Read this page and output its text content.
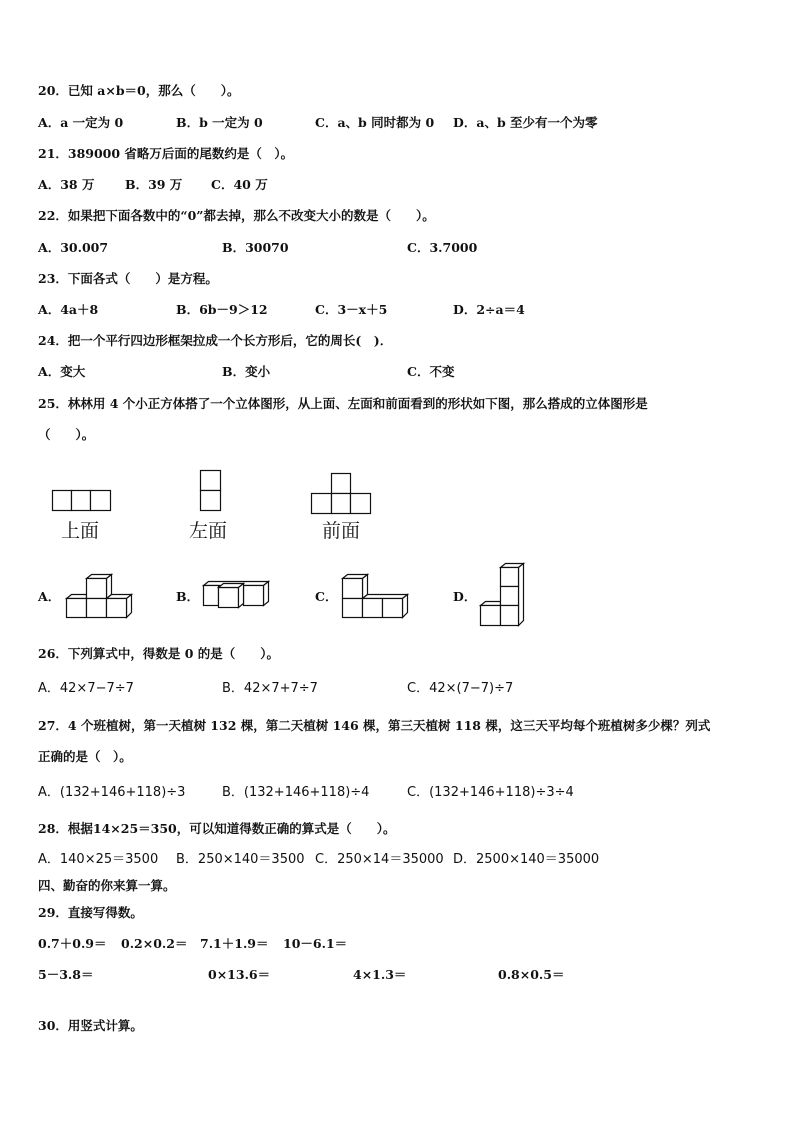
20．已知 a×b＝0，那么（　　）。
A．a 一定为 0	B．b 一定为 0	C．a、b 同时都为 0 D．a、b 至少有一个为零
21．389000 省略万后面的尾数约是（　）。
A．38 万 B．39 万 C．40 万
22．如果把下面各数中的“0”都去掉，那么不改变大小的数是（　　）。
A．30.007	B．30070	C．3.7000
23．下面各式（　　）是方程。
A．4a＋8	B．6b－9＞12	C．3－x＋5	D．2÷a＝4
24．把一个平行四边形框架拉成一个长方形后，它的周长(　)．
A．变大	B．变小	C．不变
25．林林用 4 个小正方体搭了一个立体图形，从上面、左面和前面看到的形状如下图，那么搭成的立体图形是
（　　）。
上面	左面	前面
A．	B．	C．	D．
26．下列算式中，得数是 0 的是（　　）。
A．42×7−7÷7	B．42×7+7÷7	C．42×(7−7)÷7
27．4 个班植树，第一天植树 132 棵，第二天植树 146 棵，第三天植树 118 棵，这三天平均每个班植树多少棵？列式
正确的是（　）。
A．(132+146+118)÷3	B．(132+146+118)÷4	C．(132+146+118)÷3÷4
28．根据14×25＝350，可以知道得数正确的算式是（　　）。
A．140×25＝3500 B．250×140＝3500 C．250×14＝35000 D．2500×140＝35000
四、勤奋的你来算一算。
29．直接写得数。
0.7＋0.9＝ 0.2×0.2＝ 7.1＋1.9＝ 10－6.1＝
5－3.8＝	0×13.6＝	4×1.3＝	0.8×0.5＝
30．用竖式计算。
